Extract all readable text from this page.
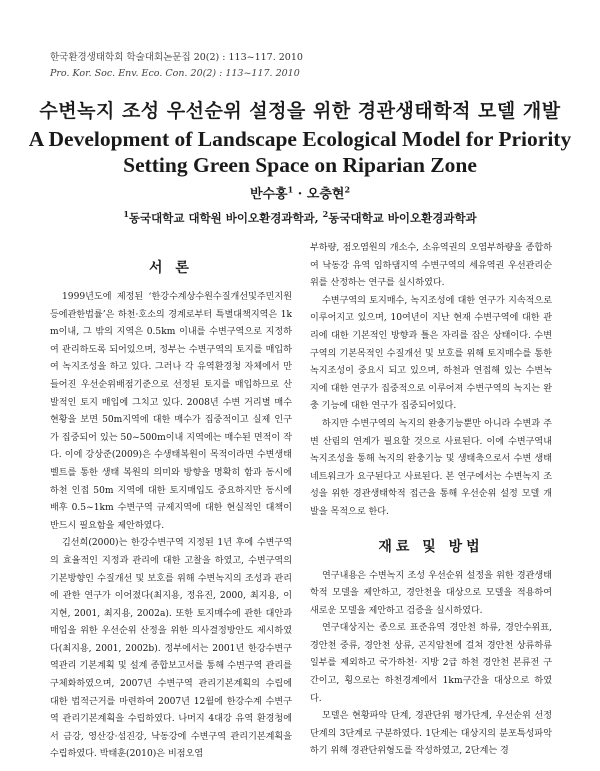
한국환경생태학회 학술대회논문집 20(2) : 113~117. 2010
Pro. Kor. Soc. Env. Eco. Con. 20(2) : 113~117. 2010
수변녹지 조성 우선순위 설정을 위한 경관생태학적 모델 개발
A Development of Landscape Ecological Model for Priority
Setting Green Space on Riparian Zone
반수홍$^1$ · 오충현$^2$
$^1$동국대학교 대학원 바이오환경과학과, $^2$동국대학교 바이오환경과학과
서 론

1999년도에 제정된 ‘한강수계상수원수질개선및주민지원등에관한법률’은 하천·호소의 경계로부터 특별대책지역은 1km이내, 그 밖의 지역은 0.5km 이내를 수변구역으로 지정하여 관리하도록 되어있으며, 정부는 수변구역의 토지를 매입하여 녹지조성을 하고 있다. 그러나 각 유역환경청 자체에서 만들어진 우선순위배점기준으로 선정된 토지를 매입하므로 산발적인 토지 매입에 그치고 있다. 2008년 수변 거리별 매수 현황을 보면 50m지역에 대한 매수가 집중적이고 실제 인구가 집중되어 있는 50~500m이내 지역에는 매수된 면적이 작다. 이에 강상준(2009)은 수생태복원이 목적이라면 수변생태벨트를 통한 생태 복원의 의미와 방향을 명확히 함과 동시에 하천 인접 50m 지역에 대한 토지매입도 중요하지만 동시에 배후 0.5~1km 수변구역 규제지역에 대한 현실적인 대책이 반드시 필요함을 제안하였다.

김선희(2000)는 한강수변구역 지정된 1년 후에 수변구역의 효율적인 지정과 관리에 대한 고찰을 하였고, 수변구역의 기본방향인 수질개선 및 보호를 위해 수변녹지의 조성과 관리에 관한 연구가 이어졌다(최지용, 정유진, 2000, 최지용, 이지현, 2001, 최지용, 2002a). 또한 토지매수에 관한 대안과 매입을 위한 우선순위 산정을 위한 의사결정방안도 제시하였다(최지용, 2001, 2002b). 정부에서는 2001년 한강수변구역관리 기본계획 및 설계 종합보고서를 통해 수변구역 관리를 구체화하였으며, 2007년 수변구역 관리기본계획의 수립에 대한 법적근거를 마련하여 2007년 12월에 한강수계 수변구역 관리기본계획을 수립하였다. 나머지 4대강 유역 환경청에서 금강, 영산강·섬진강, 낙동강에 수변구역 관리기본계획을 수립하였다. 박태훈(2010)은 비점오염

부하량, 점오염원의 개소수, 소유역권의 오염부하량을 종합하여 낙동강 유역 임하댐지역 수변구역의 세유역권 우선관리순위를 산정하는 연구를 실시하였다.

수변구역의 토지매수, 녹지조성에 대한 연구가 지속적으로 이루어지고 있으며, 10여년이 지난 현재 수변구역에 대한 관리에 대한 기본적인 방향과 틀은 자리를 잡은 상태이다. 수변구역의 기본목적인 수질개선 및 보호를 위해 토지매수를 통한 녹지조성이 중요시 되고 있으며, 하천과 연접해 있는 수변녹지에 대한 연구가 집중적으로 이루어져 수변구역의 녹지는 완충 기능에 대한 연구가 집중되어있다.

하지만 수변구역의 녹지의 완충기능뿐만 아니라 수변과 주변 산림의 연계가 필요할 것으로 사료된다. 이에 수변구역내 녹지조성을 통해 녹지의 완충기능 및 생태축으로서 수변 생태네트워크가 요구된다고 사료된다. 본 연구에서는 수변녹지 조성을 위한 경관생태학적 접근을 통해 우선순위 설정 모델 개발을 목적으로 한다.

재료 및 방법

연구내용은 수변녹지 조성 우선순위 설정을 위한 경관생태학적 모델을 제안하고, 경안천을 대상으로 모델을 적용하여 새로운 모델을 제안하고 검증을 실시하였다.

연구대상지는 종으로 표준유역 경안천 하류, 경안수위표, 경안천 중류, 경안천 상류, 곤지암천에 걸쳐 경안천 상류하류 일부를 제외하고 국가하천· 지방 2급 하천 경안천 본류전 구간이고, 횡으로는 하천경계에서 1km구간을 대상으로 하였다.

모델은 현황파악 단계, 경관단위 평가단계, 우선순위 선정단계의 3단계로 구분하였다. 1단계는 대상지의 분포특성파악하기 위해 경관단위형도를 작성하였고, 2단계는 경
